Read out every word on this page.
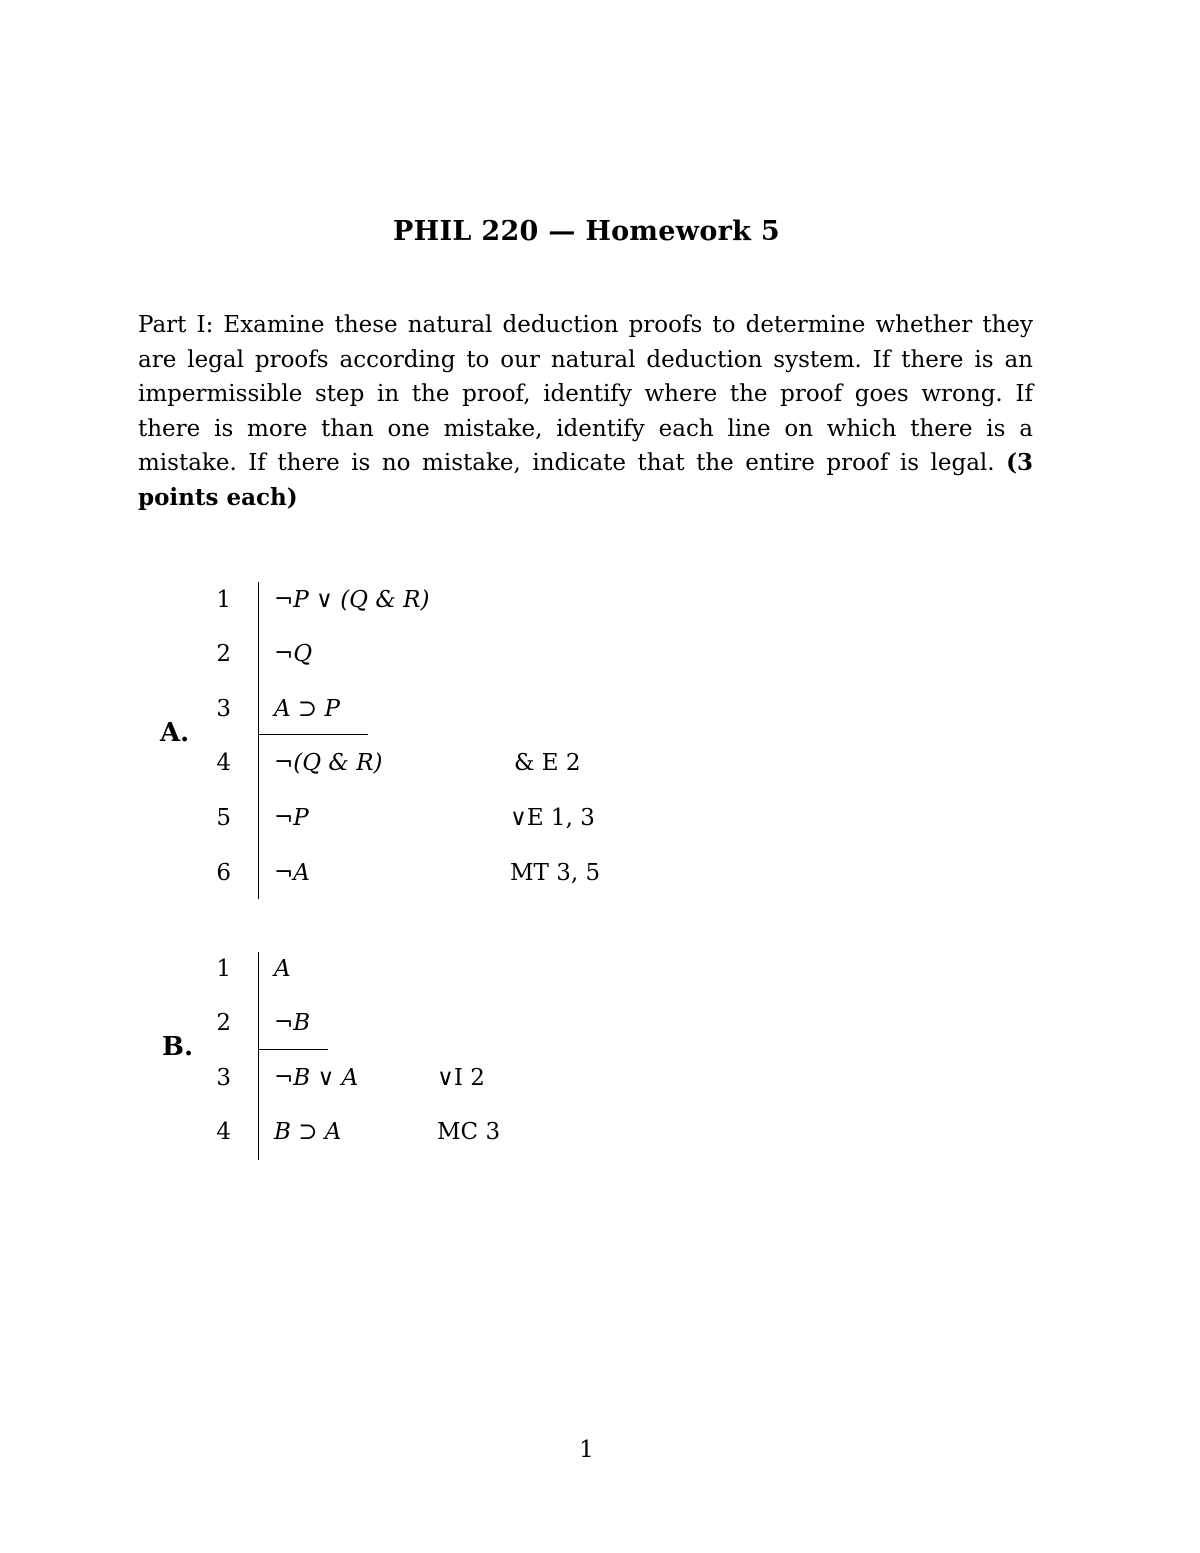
PHIL 220 — Homework 5
Part I: Examine these natural deduction proofs to determine whether they are legal proofs according to our natural deduction system. If there is an impermissible step in the proof, identify where the proof goes wrong. If there is more than one mistake, identify each line on which there is a mistake. If there is no mistake, indicate that the entire proof is legal. (3 points each)
A.
1 ¬P ∨ (Q & R)
2 ¬Q
3 A ⊃ P
4 ¬(Q & R)	& E 2
5 ¬P	∨E 1, 3
6 ¬A	MT 3, 5
B.
1 A
2 ¬B
3 ¬B ∨ A	∨I 2
4 B ⊃ A	MC 3
1
